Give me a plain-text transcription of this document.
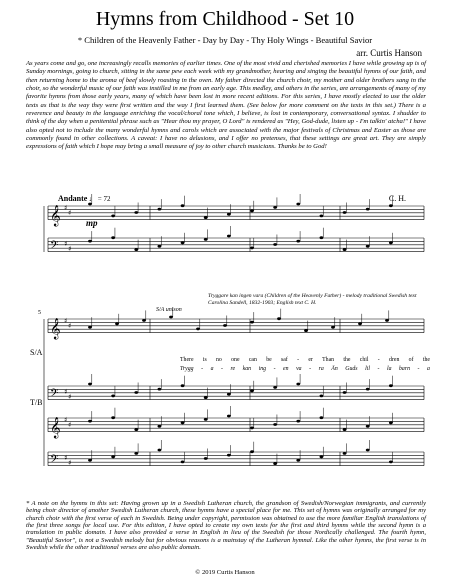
Hymns from Childhood - Set 10
* Children of the Heavenly Father - Day by Day - Thy Holy Wings - Beautiful Savior
arr. Curtis Hanson
As years come and go, one increasingly recalls memories of earlier times. One of the most vivid and cherished memories I have while growing up is of Sunday mornings, going to church, sitting in the same pew each week with my grandmother, hearing and singing the beautiful hymns of our faith, and then returning home to the aroma of beef slowly roasting in the oven. My father directed the church choir, my mother and older brothers sang in the choir, so the wonderful music of our faith was instilled in me from an early age. This medley, and others in the series, are arrangements of many of my favorite hymns from those early years, many of which have been lost in more recent editions. For this series, I have mostly elected to use the older texts as that is the way they were first written and the way I first learned them. (See below for more comment on the texts in this set.) There is a reverence and beauty in the language enriching the vocal/choral tone which, I believe, is lost in contemporary, conversational syntax. I shudder to think of the day when a penitential phrase such as "Hear thou my prayer, O Lord" is rendered as "Hey, God-dude, listen up - I'm talkin' atcha!" I have also opted not to include the many wonderful hymns and carols which are associated with the major festivals of Christmas and Easter as those are commonly found in other collections. A caveat: I have no delusions, and I offer no pretenses, that these settings are great art. They are simply expressions of faith which I hope may bring a small measure of joy to other church musicians. Thanks be to God!
Andante ♩ = 72	C. H.
Tryggare kan ingen vara (Children of the Heavenly Father) - melody traditional Swedish text Carolina Sandell, 1832-1903; English text C. H.
S/A unison
S/A
T/B
There is no one can be saf - er Than the chil - dren of the
Trygg - a - re kan ing - en va - ra Än Guds lil - la barn - a
𝄞 ♯
♯
𝄢 ♯
♯
𝄞 ♯
♯
𝄢 ♯
♯
𝄞 ♯
♯
𝄢 ♯
♯
mp
5
* A note on the hymns in this set: Having grown up in a Swedish Lutheran church, the grandson of Swedish/Norwegian immigrants, and currently being choir director of another Swedish Lutheran church, these hymns have a special place for me. This set of hymns was originally arranged for my church choir with the first verse of each in Swedish. Being under copyright, permission was obtained to use the more familiar English translations of the first three songs for local use. For this edition, I have opted to create my own texts for the first and third hymns while the second hymn is a translation in public domain. I have also provided a verse in English in lieu of the Swedish for those Nordically challenged. The fourth hymn, "Beautiful Savior", is not a Swedish melody but for obvious reasons is a mainstay of the Lutheran hymnal. Like the other hymns, the first verse is in Swedish while the other traditional verses are also public domain.
© 2019 Curtis Hanson
